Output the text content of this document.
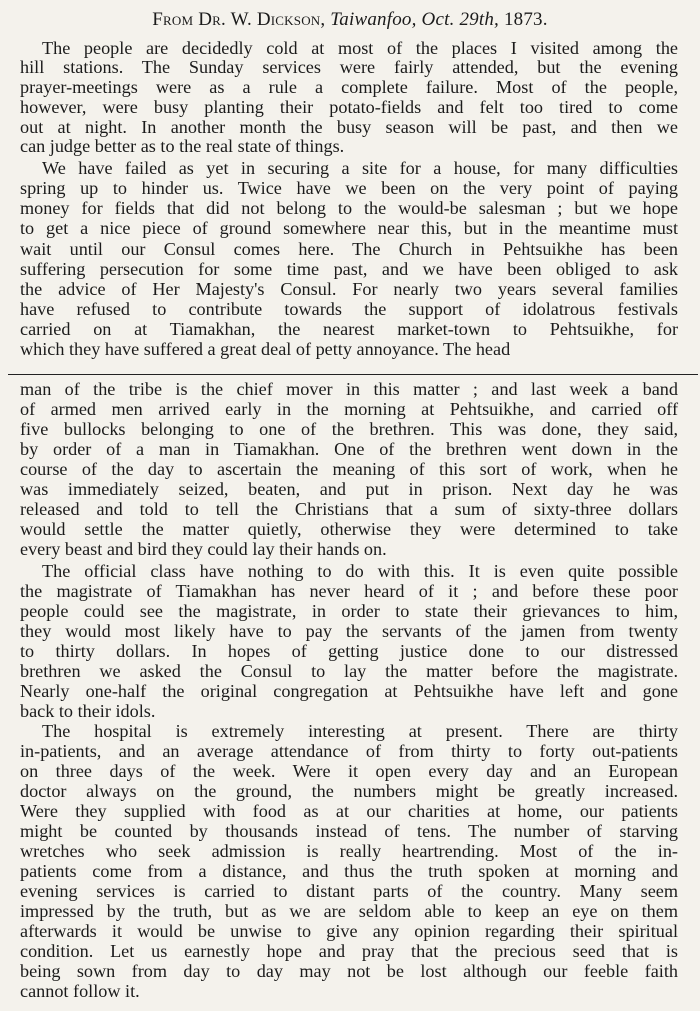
From Dr. W. Dickson, Taiwanfoo, Oct. 29th, 1873.
The people are decidedly cold at most of the places I visited among the
hill stations. The Sunday services were fairly attended, but the evening
prayer-meetings were as a rule a complete failure. Most of the people,
however, were busy planting their potato-fields and felt too tired to come
out at night. In another month the busy season will be past, and then we
can judge better as to the real state of things.
We have failed as yet in securing a site for a house, for many difficulties
spring up to hinder us. Twice have we been on the very point of paying
money for fields that did not belong to the would-be salesman ; but we hope
to get a nice piece of ground somewhere near this, but in the meantime must
wait until our Consul comes here. The Church in Pehtsuikhe has been
suffering persecution for some time past, and we have been obliged to ask
the advice of Her Majesty's Consul. For nearly two years several families
have refused to contribute towards the support of idolatrous festivals
carried on at Tiamakhan, the nearest market-town to Pehtsuikhe, for
which they have suffered a great deal of petty annoyance. The head
man of the tribe is the chief mover in this matter ; and last week a band
of armed men arrived early in the morning at Pehtsuikhe, and carried off
five bullocks belonging to one of the brethren. This was done, they said,
by order of a man in Tiamakhan. One of the brethren went down in the
course of the day to ascertain the meaning of this sort of work, when he
was immediately seized, beaten, and put in prison. Next day he was
released and told to tell the Christians that a sum of sixty-three dollars
would settle the matter quietly, otherwise they were determined to take
every beast and bird they could lay their hands on.
The official class have nothing to do with this. It is even quite possible
the magistrate of Tiamakhan has never heard of it ; and before these poor
people could see the magistrate, in order to state their grievances to him,
they would most likely have to pay the servants of the jamen from twenty
to thirty dollars. In hopes of getting justice done to our distressed
brethren we asked the Consul to lay the matter before the magistrate.
Nearly one-half the original congregation at Pehtsuikhe have left and gone
back to their idols.
The hospital is extremely interesting at present. There are thirty
in-patients, and an average attendance of from thirty to forty out-patients
on three days of the week. Were it open every day and an European
doctor always on the ground, the numbers might be greatly increased.
Were they supplied with food as at our charities at home, our patients
might be counted by thousands instead of tens. The number of starving
wretches who seek admission is really heartrending. Most of the in-
patients come from a distance, and thus the truth spoken at morning and
evening services is carried to distant parts of the country. Many seem
impressed by the truth, but as we are seldom able to keep an eye on them
afterwards it would be unwise to give any opinion regarding their spiritual
condition. Let us earnestly hope and pray that the precious seed that is
being sown from day to day may not be lost although our feeble faith
cannot follow it.
